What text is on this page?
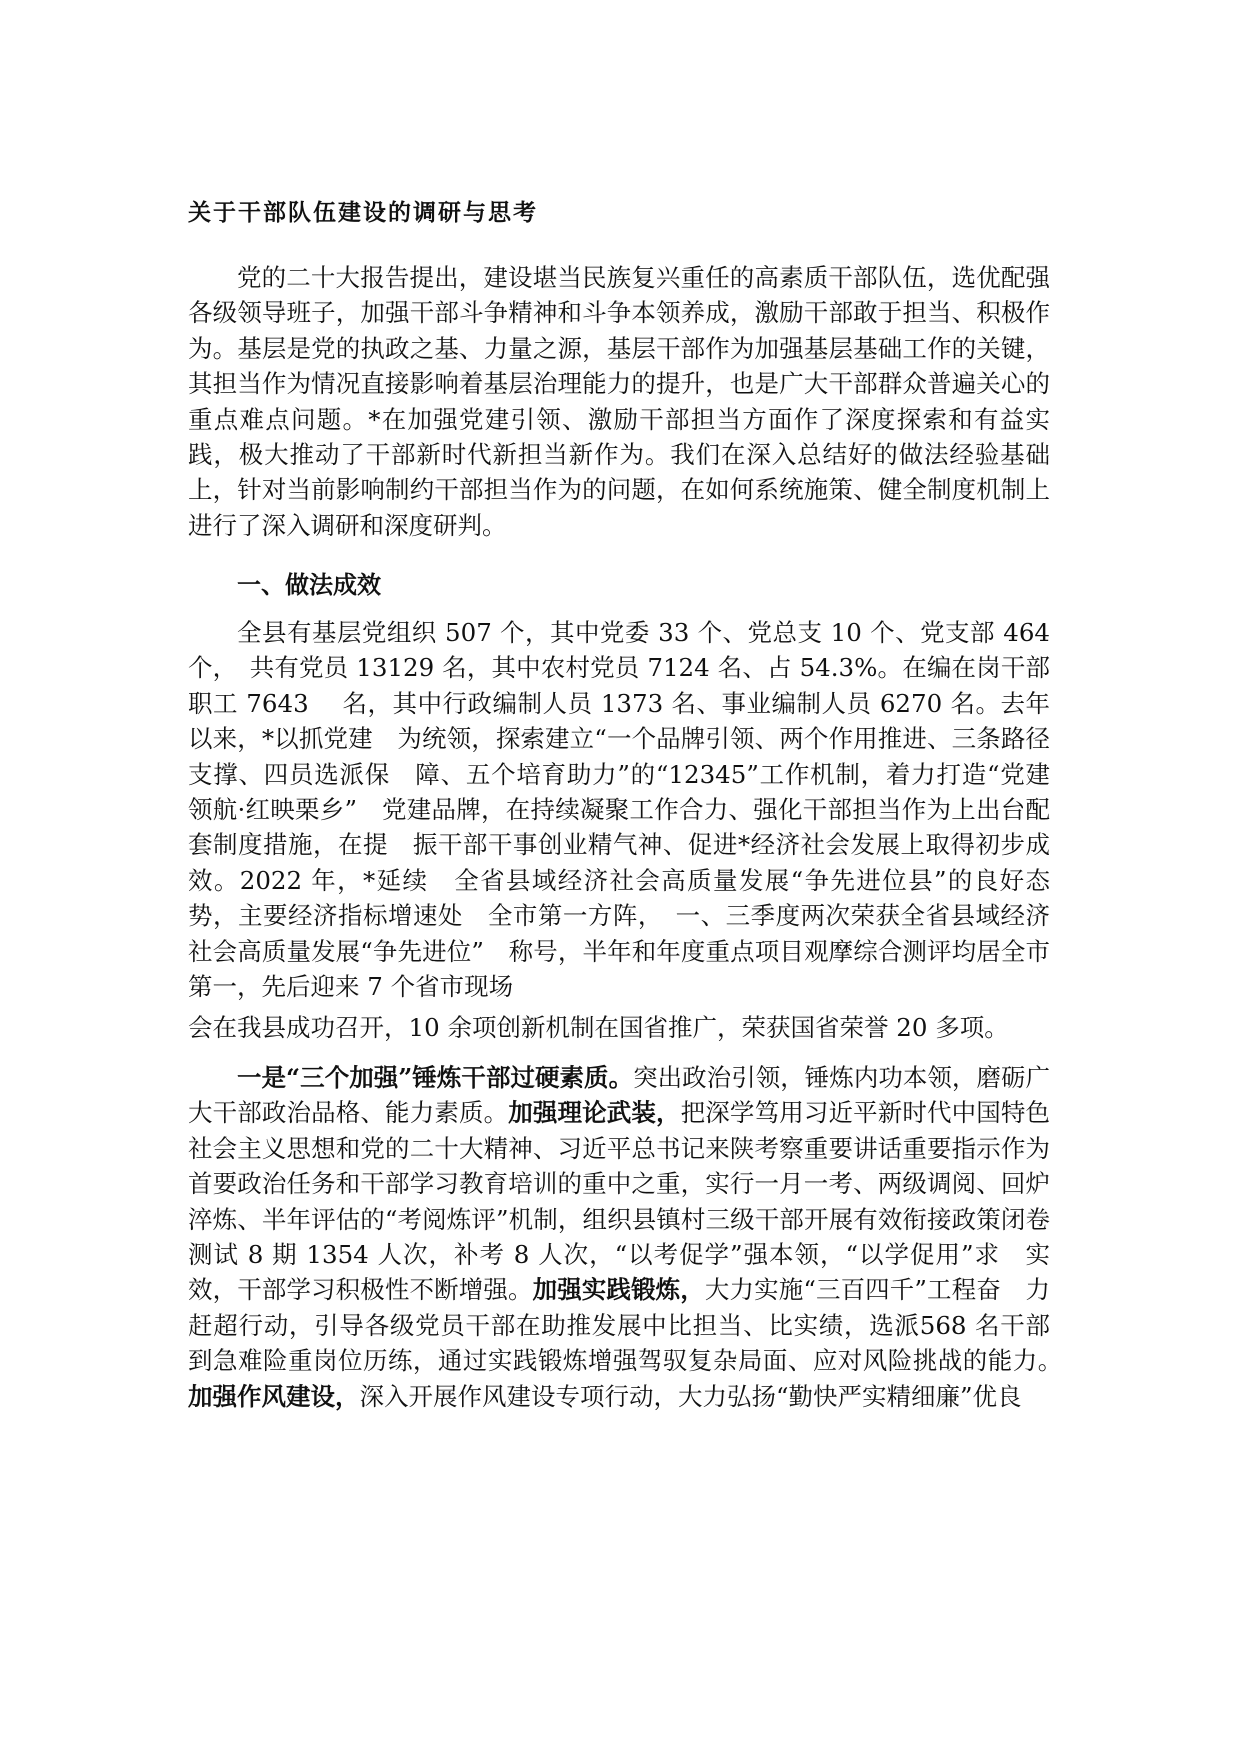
关于干部队伍建设的调研与思考

党的二十大报告提出，建设堪当民族复兴重任的高素质干部队伍，选优配强各级领导班子，加强干部斗争精神和斗争本领养成，激励干部敢于担当、积极作为。基层是党的执政之基、力量之源，基层干部作为加强基层基础工作的关键，其担当作为情况直接影响着基层治理能力的提升，也是广大干部群众普遍关心的重点难点问题。*在加强党建引领、激励干部担当方面作了深度探索和有益实践，极大推动了干部新时代新担当新作为。我们在深入总结好的做法经验基础上，针对当前影响制约干部担当作为的问题，在如何系统施策、健全制度机制上进行了深入调研和深度研判。

一、做法成效

全县有基层党组织 507 个，其中党委 33 个、党总支 10 个、党支部 464 个，　共有党员 13129 名，其中农村党员 7124 名、占 54.3%。在编在岗干部职工 7643　 名，其中行政编制人员 1373 名、事业编制人员 6270 名。去年以来，*以抓党建　为统领，探索建立“一个品牌引领、两个作用推进、三条路径支撑、四员选派保　障、五个培育助力”的“12345”工作机制，着力打造“党建领航·红映栗乡”　党建品牌，在持续凝聚工作合力、强化干部担当作为上出台配套制度措施，在提　振干部干事创业精气神、促进*经济社会发展上取得初步成效。2022 年，*延续　全省县域经济社会高质量发展“争先进位县”的良好态势，主要经济指标增速处　全市第一方阵，　一、三季度两次荣获全省县域经济社会高质量发展“争先进位”　称号，半年和年度重点项目观摩综合测评均居全市第一，先后迎来 7 个省市现场

会在我县成功召开，10 余项创新机制在国省推广，荣获国省荣誉 20 多项。

一是“三个加强”锤炼干部过硬素质。突出政治引领，锤炼内功本领，磨砺广大干部政治品格、能力素质。加强理论武装，把深学笃用习近平新时代中国特色社会主义思想和党的二十大精神、习近平总书记来陕考察重要讲话重要指示作为首要政治任务和干部学习教育培训的重中之重，实行一月一考、两级调阅、回炉淬炼、半年评估的“考阅炼评”机制，组织县镇村三级干部开展有效衔接政策闭卷测试 8 期 1354 人次，补考 8 人次，“以考促学”强本领，“以学促用”求　实效，干部学习积极性不断增强。加强实践锻炼，大力实施“三百四千”工程奋　力赶超行动，引导各级党员干部在助推发展中比担当、比实绩，选派568 名干部　到急难险重岗位历练，通过实践锻炼增强驾驭复杂局面、应对风险挑战的能力。　加强作风建设，深入开展作风建设专项行动，大力弘扬“勤快严实精细廉”优良
